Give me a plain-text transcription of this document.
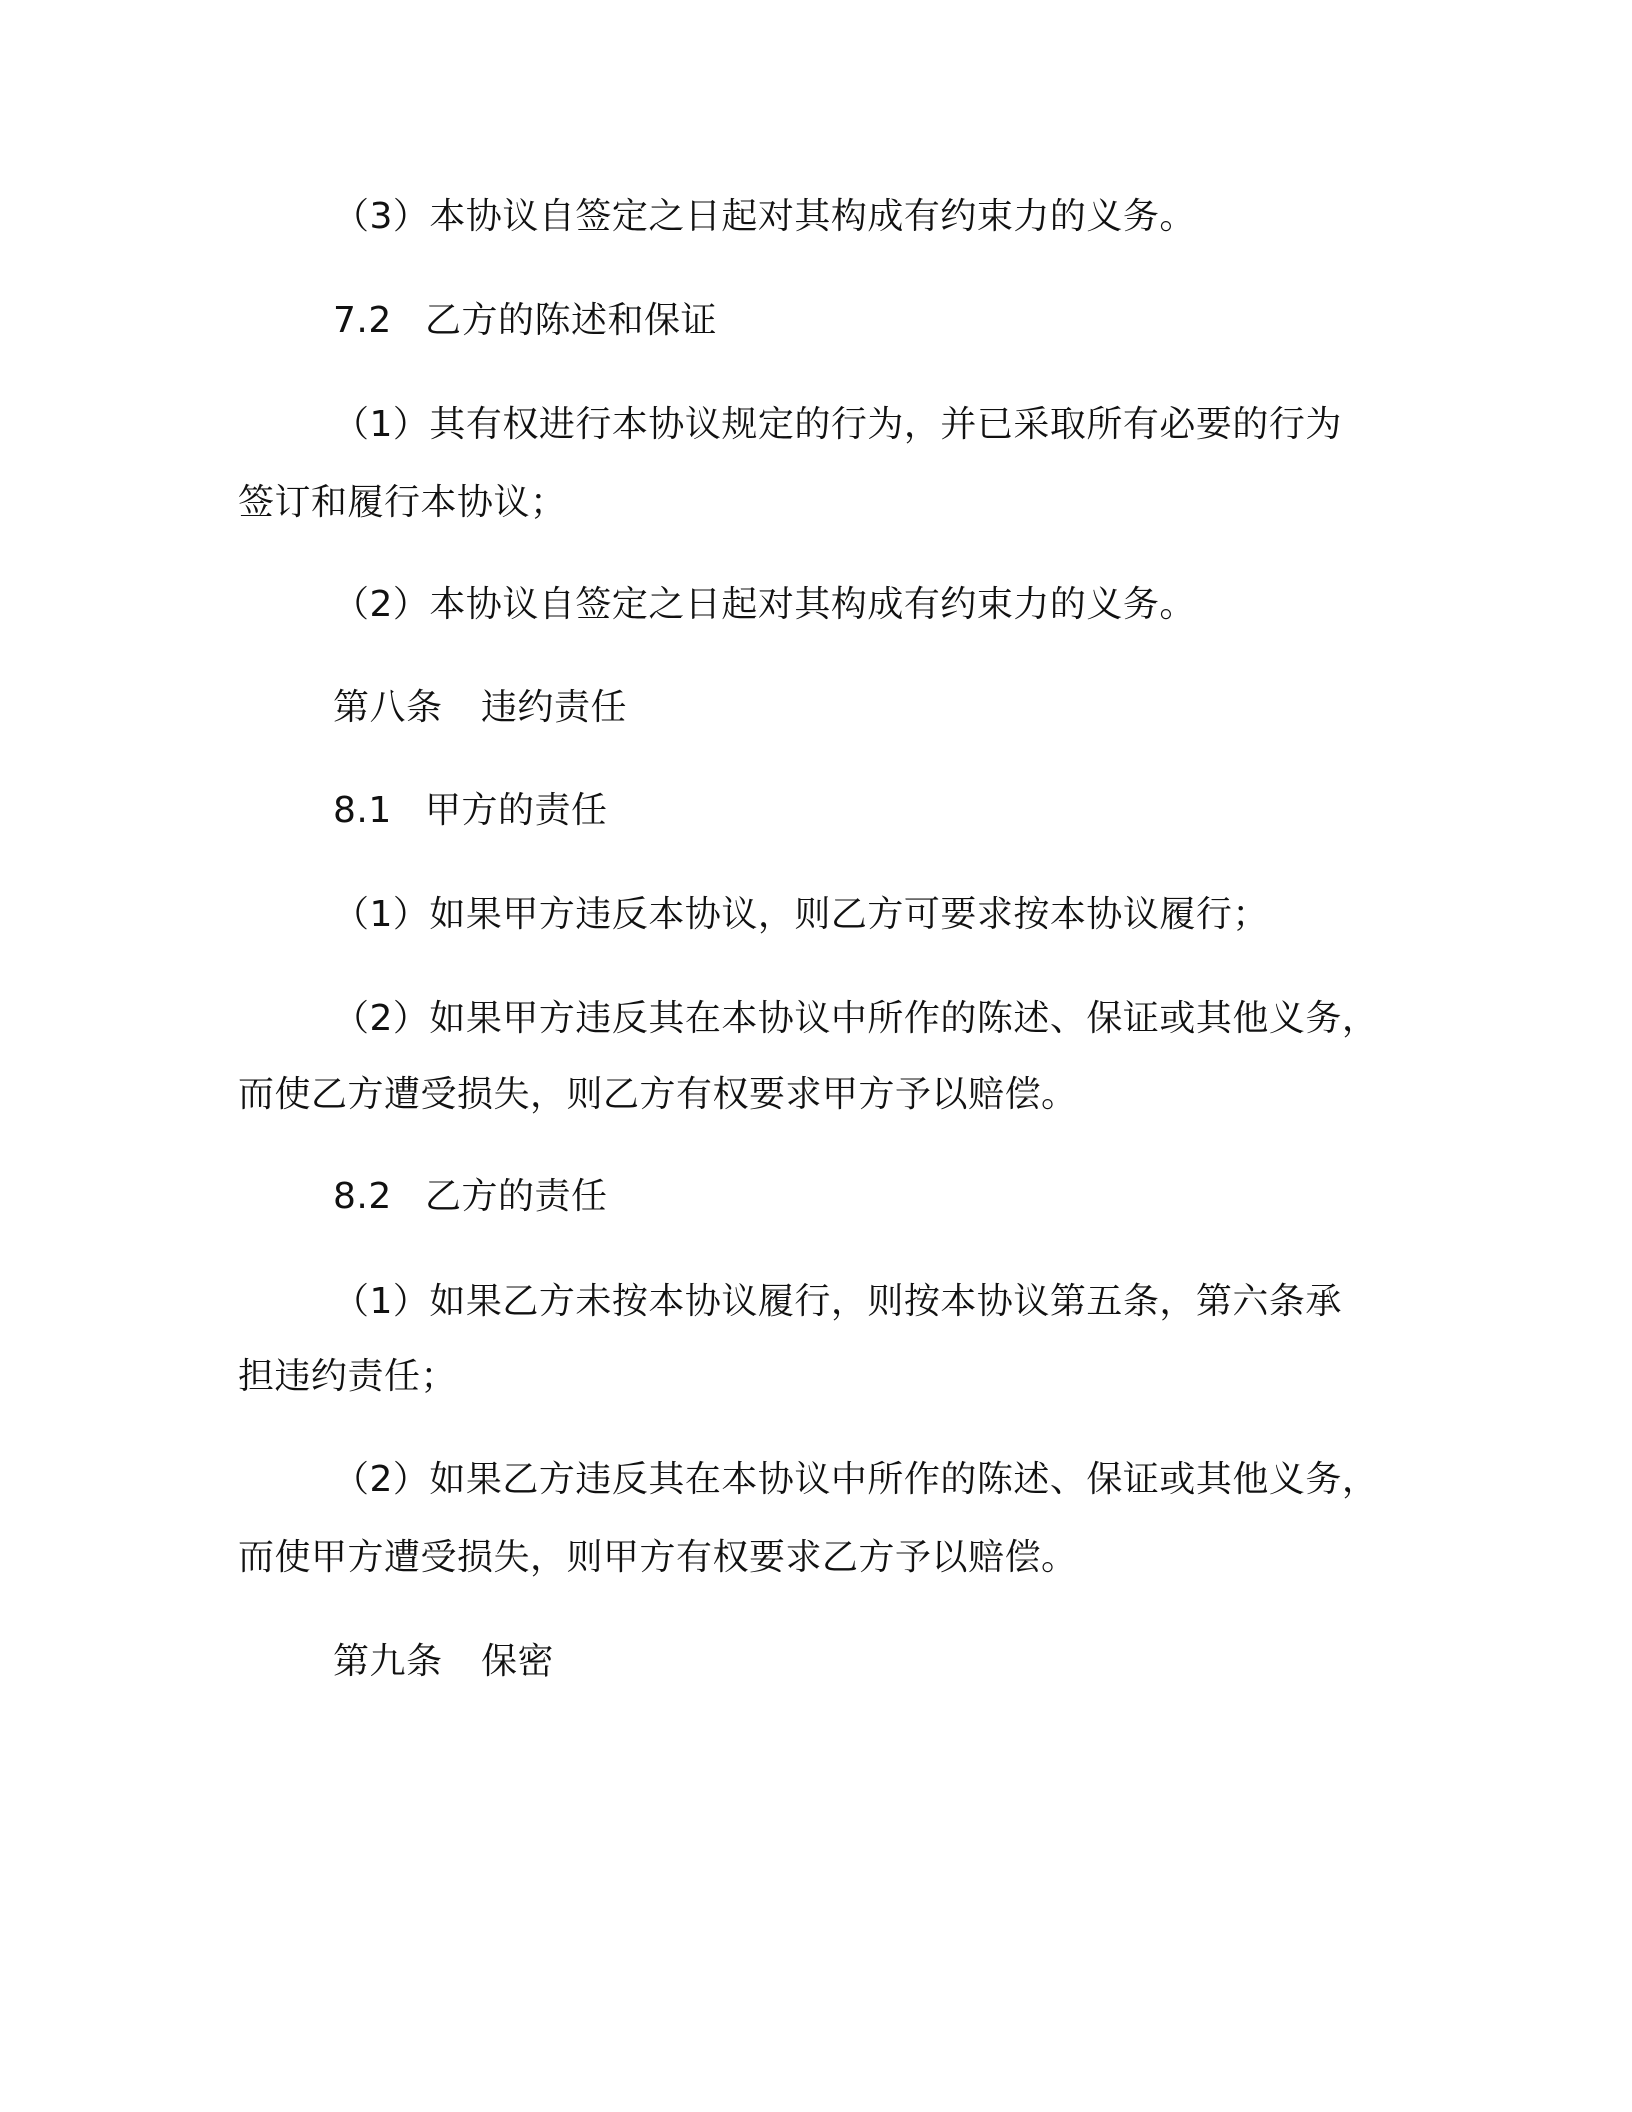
（3）本协议自签定之日起对其构成有约束力的义务。
7.2 乙方的陈述和保证
（1）其有权进行本协议规定的行为，并已采取所有必要的行为
签订和履行本协议；
（2）本协议自签定之日起对其构成有约束力的义务。
第八条 违约责任
8.1 甲方的责任
（1）如果甲方违反本协议，则乙方可要求按本协议履行；
（2）如果甲方违反其在本协议中所作的陈述、保证或其他义务，
而使乙方遭受损失，则乙方有权要求甲方予以赔偿。
8.2 乙方的责任
（1）如果乙方未按本协议履行，则按本协议第五条，第六条承
担违约责任；
（2）如果乙方违反其在本协议中所作的陈述、保证或其他义务，
而使甲方遭受损失，则甲方有权要求乙方予以赔偿。
第九条 保密
